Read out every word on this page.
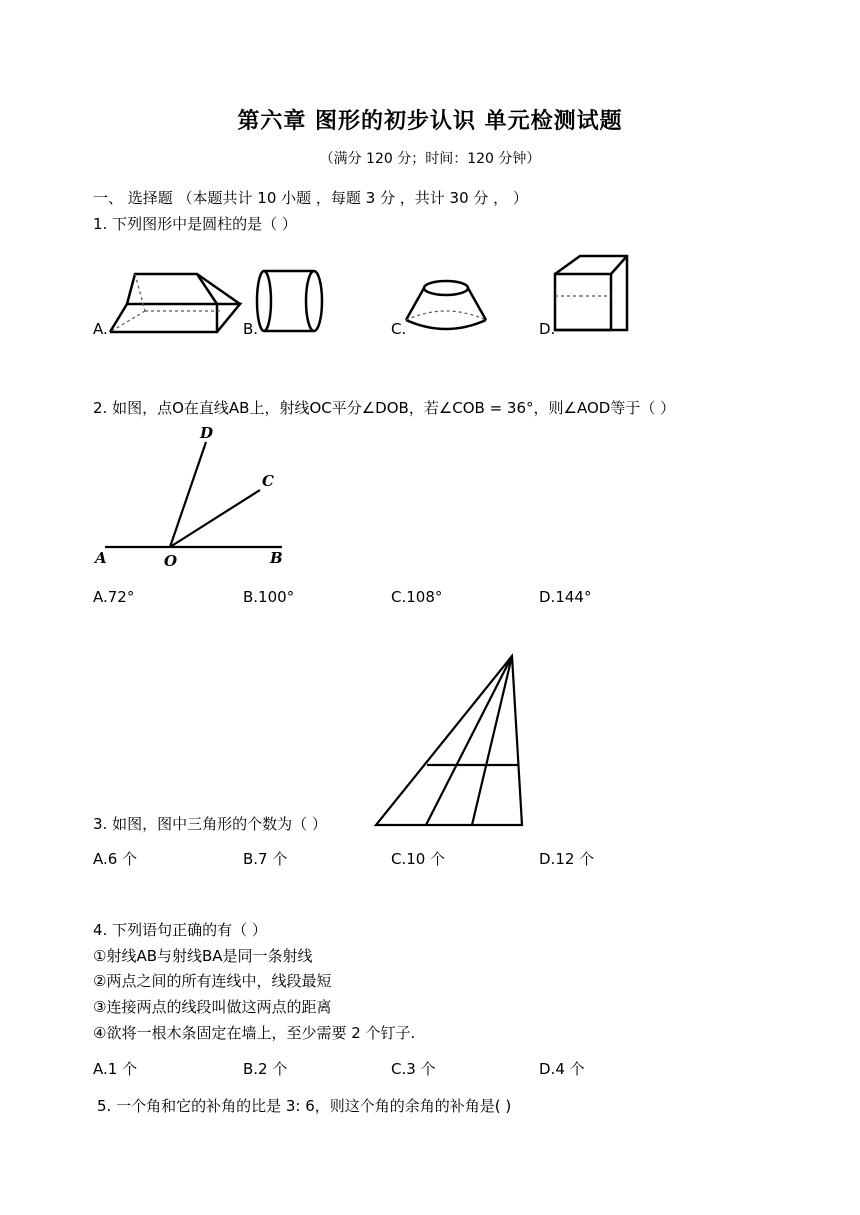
第六章 图形的初步认识 单元检测试题
（满分 120 分；时间：120 分钟）
一、 选择题 （本题共计 10 小题 ，每题 3 分 ，共计 30 分 ， ）
1. 下列图形中是圆柱的是（ ）
A.	B.	C.	D.
2. 如图，点O在直线AB上，射线OC平分∠DOB，若∠COB = 36°，则∠AOD等于（ ）
D
C
A	O	B
A.72°	B.100°	C.108°	D.144°
3. 如图，图中三角形的个数为（ ）
A.6 个	B.7 个	C.10 个	D.12 个
4. 下列语句正确的有（ ）
①射线AB与射线BA是同一条射线
②两点之间的所有连线中，线段最短
③连接两点的线段叫做这两点的距离
④欲将一根木条固定在墙上，至少需要 2 个钉子.
A.1 个	B.2 个	C.3 个	D.4 个
5. 一个角和它的补角的比是 3: 6，则这个角的余角的补角是( )
